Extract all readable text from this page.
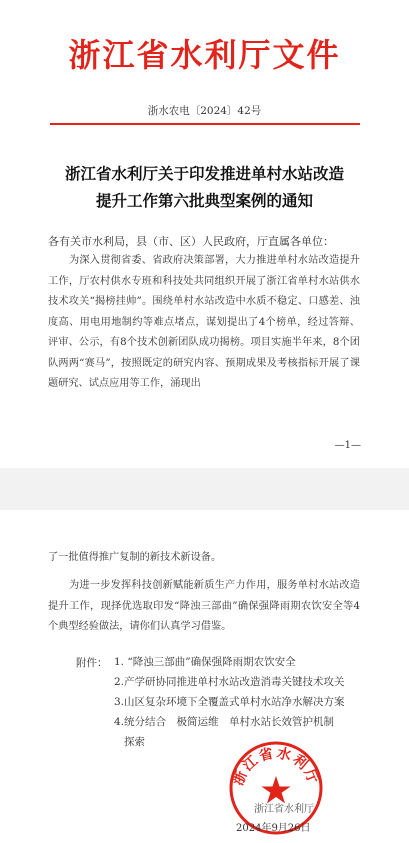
浙江省水利厅文件
浙水农电〔2024〕42号
浙江省水利厅关于印发推进单村水站改造
提升工作第六批典型案例的通知
各有关市水利局，县（市、区）人民政府，厅直属各单位：
为深入贯彻省委、省政府决策部署，大力推进单村水站改造提升工作，厅农村供水专班和科技处共同组织开展了浙江省单村水站供水技术攻关“揭榜挂帅”。围绕单村水站改造中水质不稳定、口感差、浊度高、用电用地制约等难点堵点，谋划提出了4个榜单，经过答辩、评审、公示，有8个技术创新团队成功揭榜。项目实施半年来，8个团队两两“赛马”，按照既定的研究内容、预期成果及考核指标开展了课题研究、试点应用等工作，涌现出
—1—
了一批值得推广复制的新技术新设备。
为进一步发挥科技创新赋能新质生产力作用，服务单村水站改造提升工作，现择优选取印发“降浊三部曲”确保强降雨期农饮安全等4个典型经验做法，请你们认真学习借鉴。
附件： 1. “降浊三部曲”确保强降雨期农饮安全
2.产学研协同推进单村水站改造消毒关键技术攻关
3.山区复杂环境下全覆盖式单村水站净水解决方案
4.统分结合　极简运维　单村水站长效管护机制
探索
浙江省水利厅
浙江省水利厅
2024年9月26日
